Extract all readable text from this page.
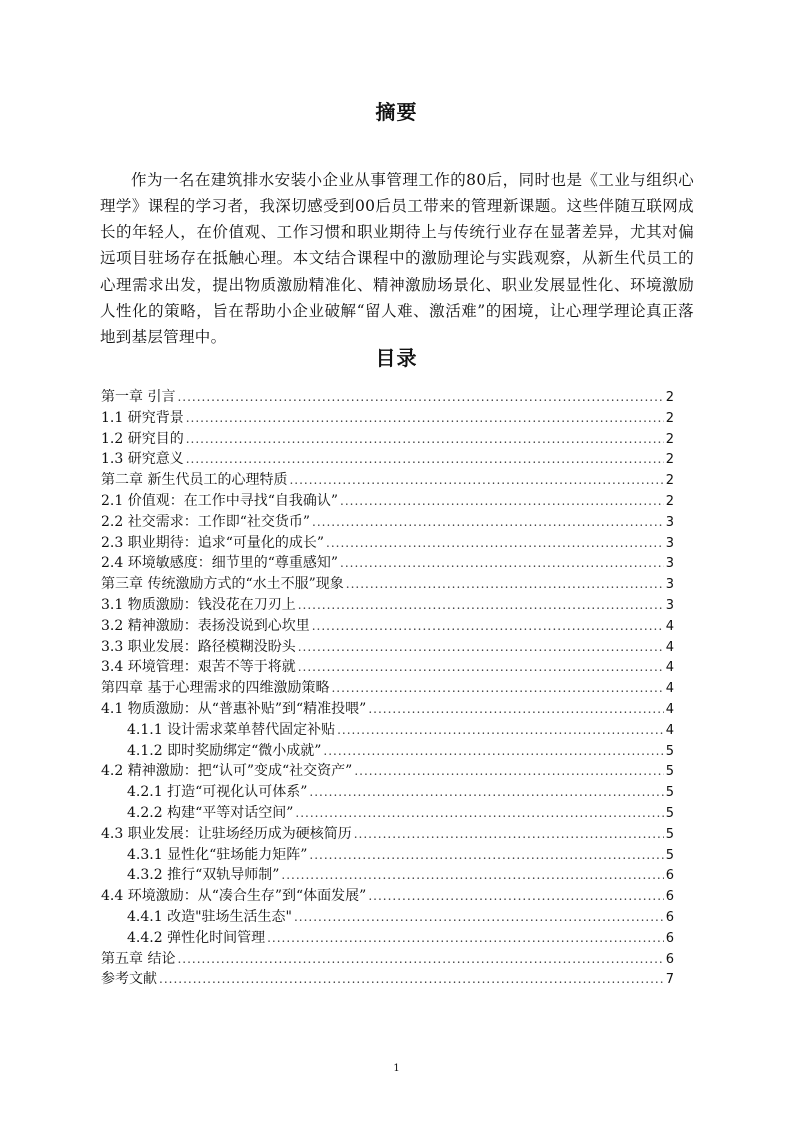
摘要

作为一名在建筑排水安装小企业从事管理工作的80后，同时也是《工业与组织心理学》课程的学习者，我深切感受到00后员工带来的管理新课题。这些伴随互联网成长的年轻人，在价值观、工作习惯和职业期待上与传统行业存在显著差异，尤其对偏远项目驻场存在抵触心理。本文结合课程中的激励理论与实践观察，从新生代员工的心理需求出发，提出物质激励精准化、精神激励场景化、职业发展显性化、环境激励人性化的策略，旨在帮助小企业破解“留人难、激活难”的困境，让心理学理论真正落地到基层管理中。

目录
第一章 引言 .....	2
1.1 研究背景 .....	2
1.2 研究目的 .....	2
1.3 研究意义 .....	2
第二章 新生代员工的心理特质 .....	2
2.1 价值观：在工作中寻找“自我确认” .....	2
2.2 社交需求：工作即“社交货币” .....	3
2.3 职业期待：追求“可量化的成长” .....	3
2.4 环境敏感度：细节里的“尊重感知” .....	3
第三章 传统激励方式的“水土不服”现象 .....	3
3.1 物质激励：钱没花在刀刃上 .....	3
3.2 精神激励：表扬没说到心坎里 .....	4
3.3 职业发展：路径模糊没盼头 .....	4
3.4 环境管理：艰苦不等于将就 .....	4
第四章 基于心理需求的四维激励策略 .....	4
4.1 物质激励：从“普惠补贴”到“精准投喂” .....	4
4.1.1 设计需求菜单替代固定补贴 .....	4
4.1.2 即时奖励绑定“微小成就” .....	5
4.2 精神激励：把“认可”变成“社交资产” .....	5
4.2.1 打造“可视化认可体系” .....	5
4.2.2 构建“平等对话空间” .....	5
4.3 职业发展：让驻场经历成为硬核简历 .....	5
4.3.1 显性化“驻场能力矩阵” .....	5
4.3.2 推行“双轨导师制” .....	6
4.4 环境激励：从“凑合生存”到“体面发展” .....	6
4.4.1 改造"驻场生活生态" .....	6
4.4.2 弹性化时间管理 .....	6
第五章 结论 .....	6
参考文献 .....	7
1
